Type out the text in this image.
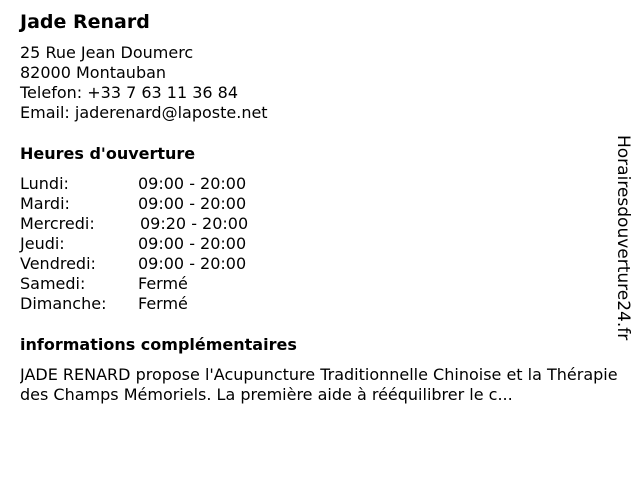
Jade Renard
25 Rue Jean Doumerc
82000 Montauban
Telefon: +33 7 63 11 36 84
Email: jaderenard@laposte.net
Heures d'ouverture
Lundi:	09:00 - 20:00
Mardi:	09:00 - 20:00
Mercredi:	09:20 - 20:00
Jeudi:	09:00 - 20:00
Vendredi:	09:00 - 20:00
Samedi:	Fermé
Dimanche:	Fermé
informations complémentaires
JADE RENARD propose l'Acupuncture Traditionnelle Chinoise et la Thérapie des Champs Mémoriels. La première aide à rééquilibrer le c...
Horairesdouverture24.fr
